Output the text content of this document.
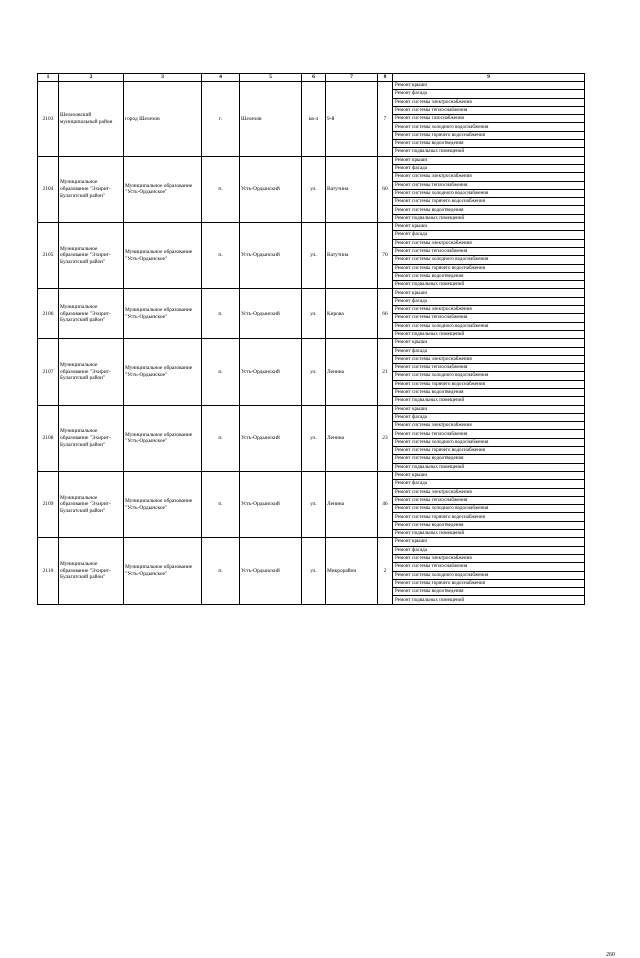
1	2	3	4	5	6	7	8	9
2103	Шелеховский муниципальный район	город Шелехов	г.	Шелехов	кв-л	9-й	7	Ремонт крыши
								Ремонт фасада
								Ремонт системы электроснабжения
								Ремонт системы теплоснабжения
								Ремонт системы газоснабжения
								Ремонт системы холодного водоснабжения
								Ремонт системы горячего водоснабжения
								Ремонт системы водоотведения
								Ремонт подвальных помещений
2104	Муниципальное образование "Эхирит-Булагатский район"	Муниципальное образование "Усть-Ордынское"	п.	Усть-Ордынский	ул.	Ватутина	60	Ремонт крыши
								Ремонт фасада
								Ремонт системы электроснабжения
								Ремонт системы теплоснабжения
								Ремонт системы холодного водоснабжения
								Ремонт системы горячего водоснабжения
								Ремонт системы водоотведения
								Ремонт подвальных помещений
2105	Муниципальное образование "Эхирит-Булагатский район"	Муниципальное образование "Усть-Ордынское"	п.	Усть-Ордынский	ул.	Ватутина	70	Ремонт крыши
								Ремонт фасада
								Ремонт системы электроснабжения
								Ремонт системы теплоснабжения
								Ремонт системы холодного водоснабжения
								Ремонт системы горячего водоснабжения
								Ремонт системы водоотведения
								Ремонт подвальных помещений
2106	Муниципальное образование "Эхирит-Булагатский район"	Муниципальное образование "Усть-Ордынское"	п.	Усть-Ордынский	ул.	Кирова	66	Ремонт крыши
								Ремонт фасада
								Ремонт системы электроснабжения
								Ремонт системы теплоснабжения
								Ремонт системы холодного водоснабжения
								Ремонт подвальных помещений
2107	Муниципальное образование "Эхирит-Булагатский район"	Муниципальное образование "Усть-Ордынское"	п.	Усть-Ордынский	ул.	Ленина	21	Ремонт крыши
								Ремонт фасада
								Ремонт системы электроснабжения
								Ремонт системы теплоснабжения
								Ремонт системы холодного водоснабжения
								Ремонт системы горячего водоснабжения
								Ремонт системы водоотведения
								Ремонт подвальных помещений
2108	Муниципальное образование "Эхирит-Булагатский район"	Муниципальное образование "Усть-Ордынское"	п.	Усть-Ордынский	ул.	Ленина	23	Ремонт крыши
								Ремонт фасада
								Ремонт системы электроснабжения
								Ремонт системы теплоснабжения
								Ремонт системы холодного водоснабжения
								Ремонт системы горячего водоснабжения
								Ремонт системы водоотведения
								Ремонт подвальных помещений
2109	Муниципальное образование "Эхирит-Булагатский район"	Муниципальное образование "Усть-Ордынское"	п.	Усть-Ордынский	ул.	Ленина	46	Ремонт крыши
								Ремонт фасада
								Ремонт системы электроснабжения
								Ремонт системы теплоснабжения
								Ремонт системы холодного водоснабжения
								Ремонт системы горячего водоснабжения
								Ремонт системы водоотведения
								Ремонт подвальных помещений
2110	Муниципальное образование "Эхирит-Булагатский район"	Муниципальное образование "Усть-Ордынское"	п.	Усть-Ордынский	ул.	Микрорайон	2	Ремонт крыши
								Ремонт фасада
								Ремонт системы электроснабжения
								Ремонт системы теплоснабжения
								Ремонт системы холодного водоснабжения
								Ремонт системы горячего водоснабжения
								Ремонт системы водоотведения
								Ремонт подвальных помещений
260
